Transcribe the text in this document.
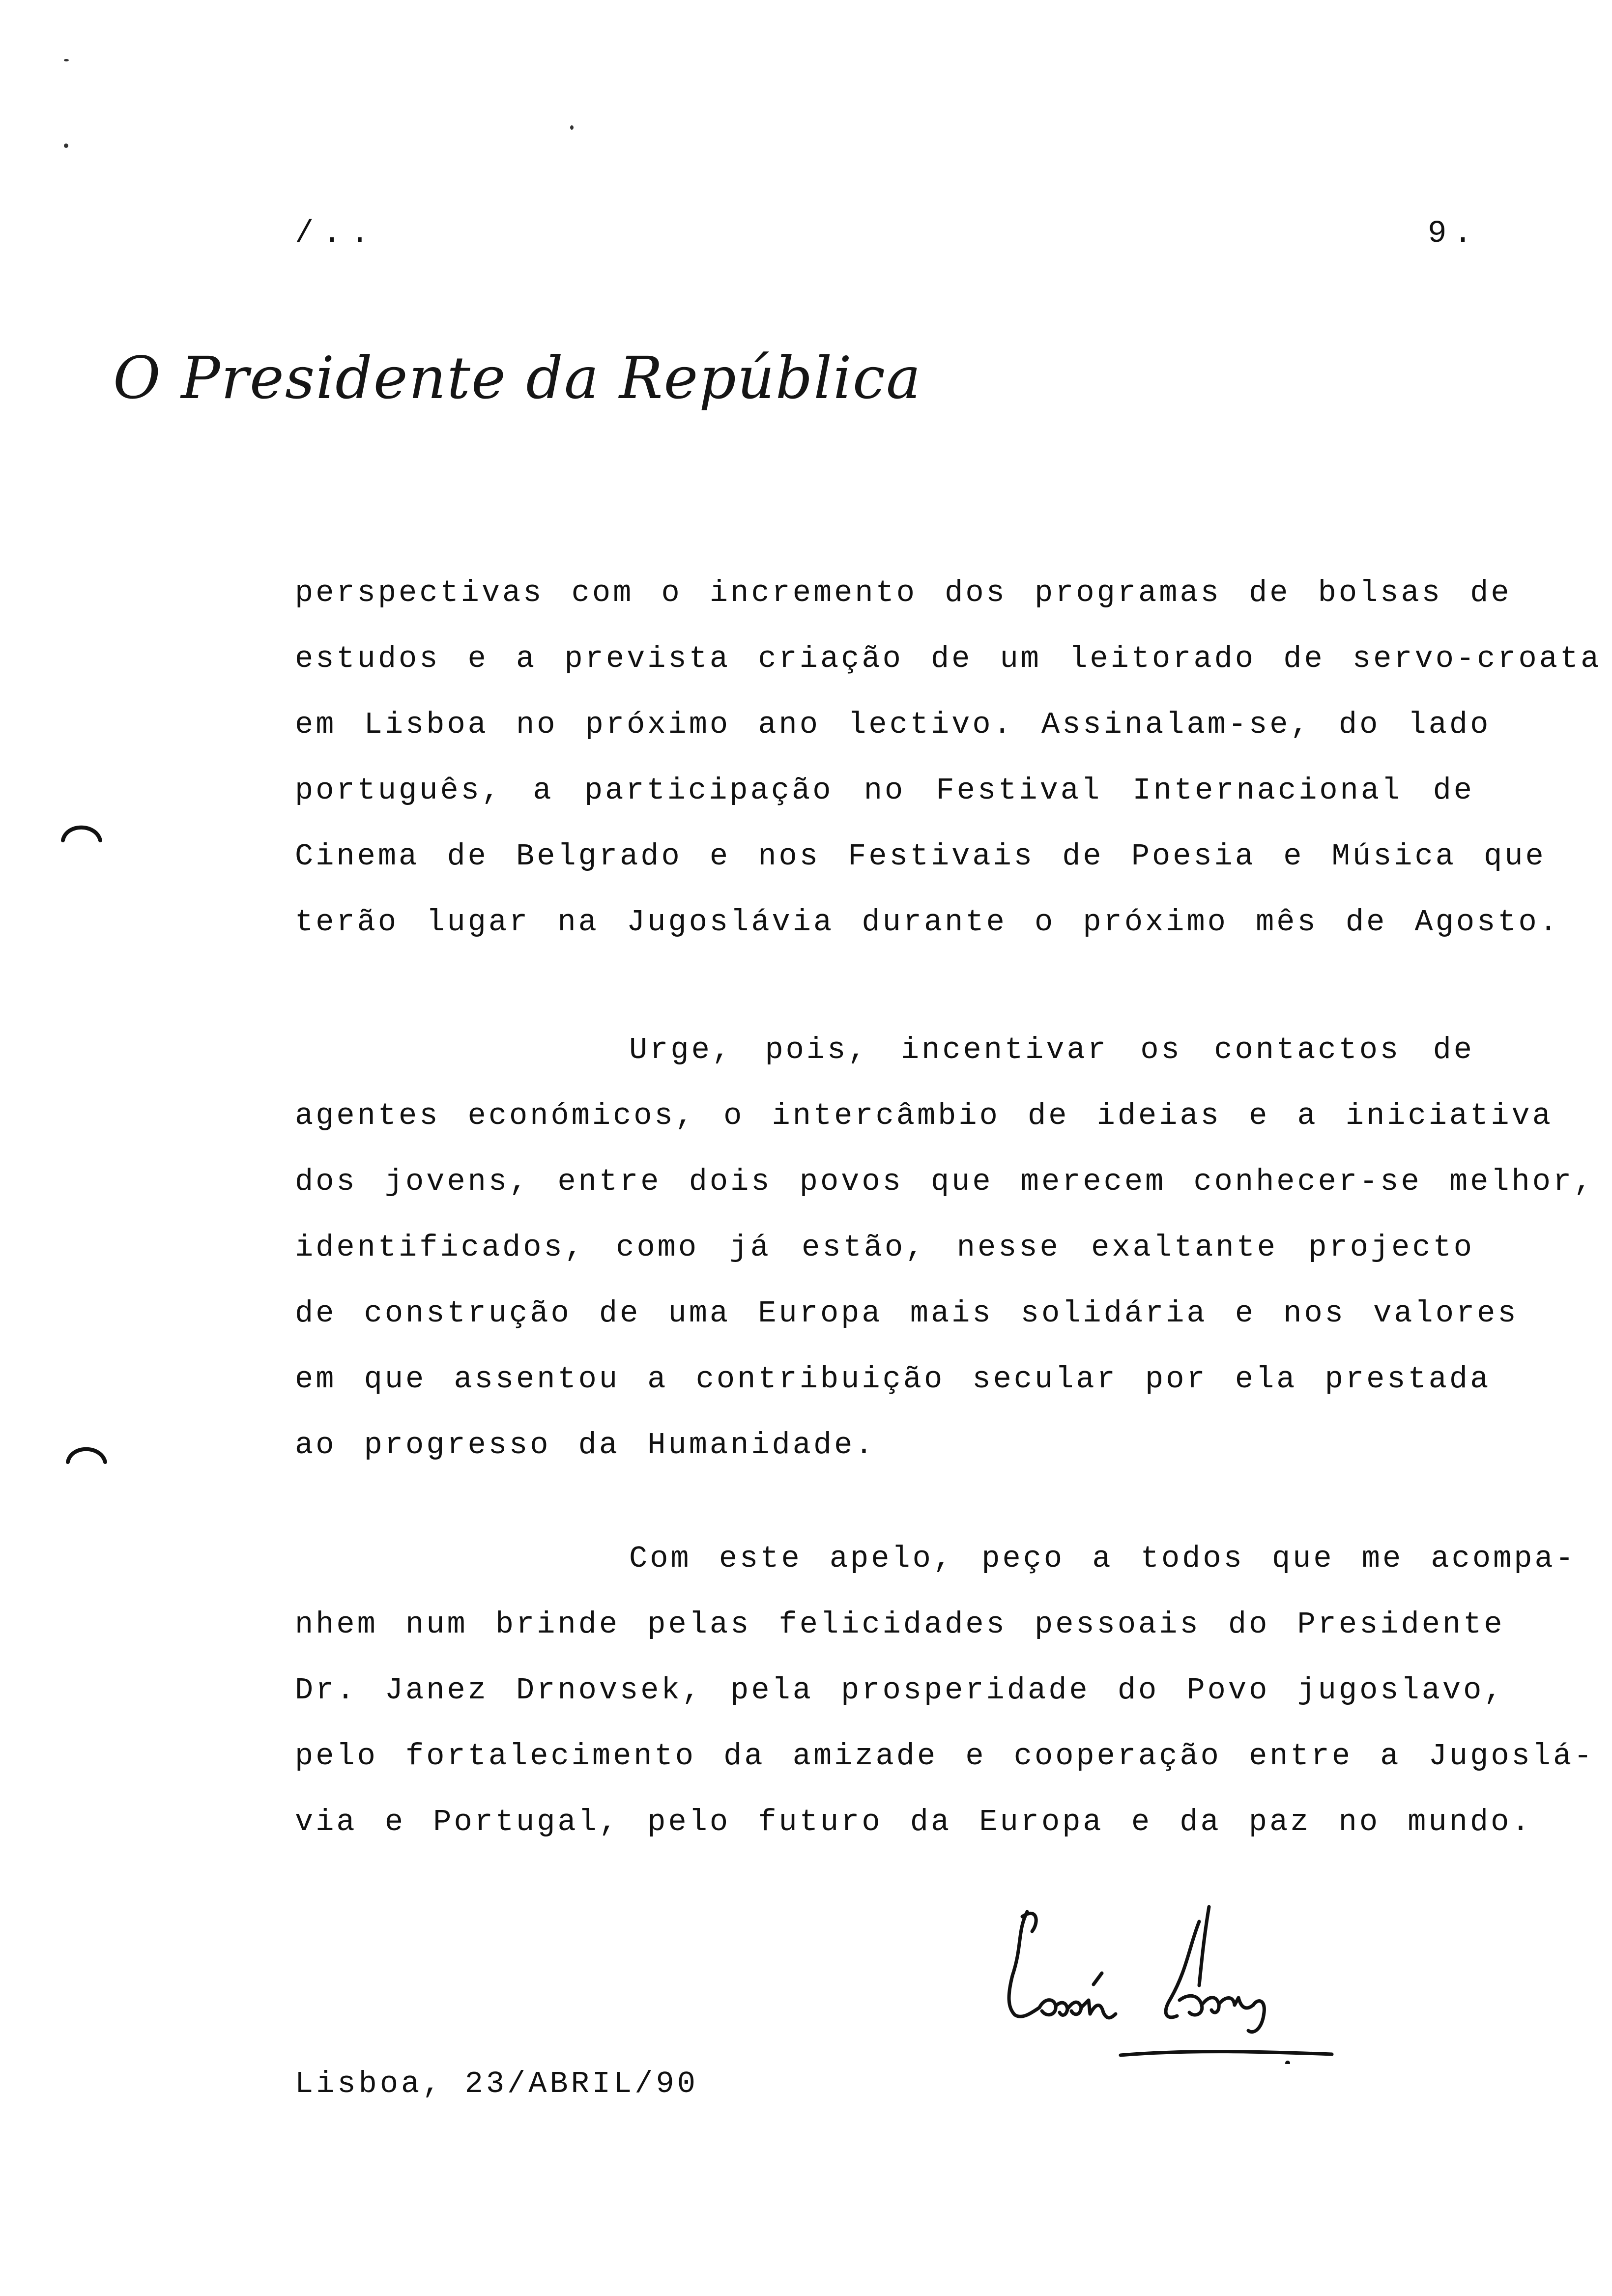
/..	9.
O Presidente da República
perspectivas com o incremento dos programas de bolsas de
estudos e a prevista criação de um leitorado de servo-croata
em Lisboa no próximo ano lectivo. Assinalam-se, do lado
português, a participação no Festival Internacional de
Cinema de Belgrado e nos Festivais de Poesia e Música que
terão lugar na Jugoslávia durante o próximo mês de Agosto.
Urge, pois, incentivar os contactos de
agentes económicos, o intercâmbio de ideias e a iniciativa
dos jovens, entre dois povos que merecem conhecer-se melhor,
identificados, como já estão, nesse exaltante projecto
de construção de uma Europa mais solidária e nos valores
em que assentou a contribuição secular por ela prestada
ao progresso da Humanidade.
Com este apelo, peço a todos que me acompa-
nhem num brinde pelas felicidades pessoais do Presidente
Dr. Janez Drnovsek, pela prosperidade do Povo jugoslavo,
pelo fortalecimento da amizade e cooperação entre a Jugoslá-
via e Portugal, pelo futuro da Europa e da paz no mundo.
Lisboa, 23/ABRIL/90
